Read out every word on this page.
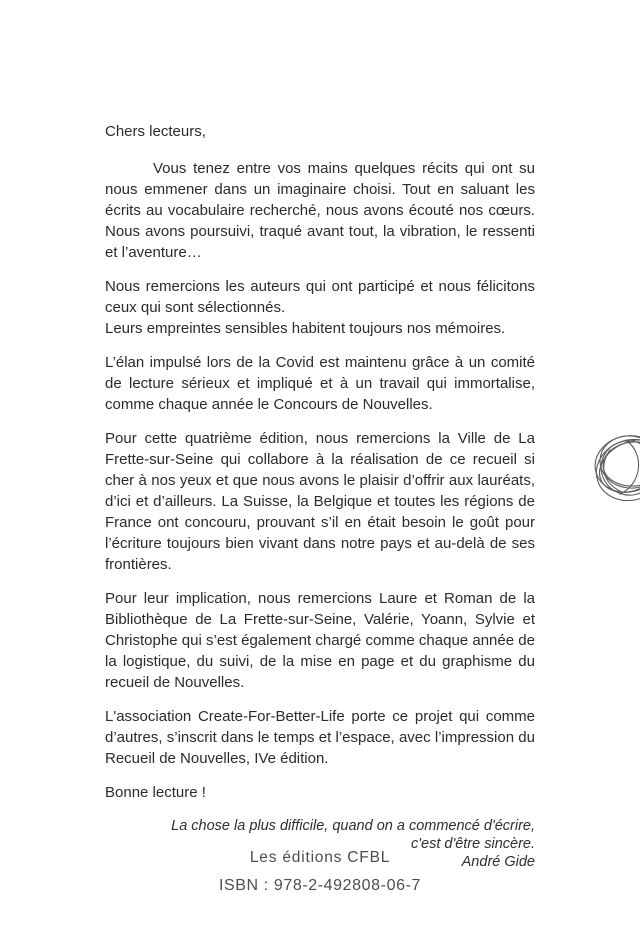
Chers lecteurs,

Vous tenez entre vos mains quelques récits qui ont su nous emmener dans un imaginaire choisi. Tout en saluant les écrits au vocabulaire recherché, nous avons écouté nos cœurs. Nous avons poursuivi, traqué avant tout, la vibration, le ressenti et l’aventure…

Nous remercions les auteurs qui ont participé et nous félicitons ceux qui sont sélectionnés.
Leurs empreintes sensibles habitent toujours nos mémoires.

L’élan impulsé lors de la Covid est maintenu grâce à un comité de lecture sérieux et impliqué et à un travail qui immortalise, comme chaque année le Concours de Nouvelles.

Pour cette quatrième édition, nous remercions la Ville de La Frette-sur-Seine qui collabore à la réalisation de ce recueil si cher à nos yeux et que nous avons le plaisir d’offrir aux lauréats, d’ici et d’ailleurs. La Suisse, la Belgique et toutes les régions de France ont concouru, prouvant s’il en était besoin le goût pour l’écriture toujours bien vivant dans notre pays et au-delà de ses frontières.

Pour leur implication, nous remercions Laure et Roman de la Bibliothèque de La Frette-sur-Seine, Valérie, Yoann, Sylvie et Christophe qui s’est également chargé comme chaque année de la logistique, du suivi, de la mise en page et du graphisme du recueil de Nouvelles.

L'association Create-For-Better-Life porte ce projet qui comme d’autres, s’inscrit dans le temps et l’espace, avec l’impression du Recueil de Nouvelles, IVe édition.

Bonne lecture !

La chose la plus difficile, quand on a commencé d'écrire,
c'est d'être sincère.
André Gide
Les éditions CFBL
ISBN : 978-2-492808-06-7
